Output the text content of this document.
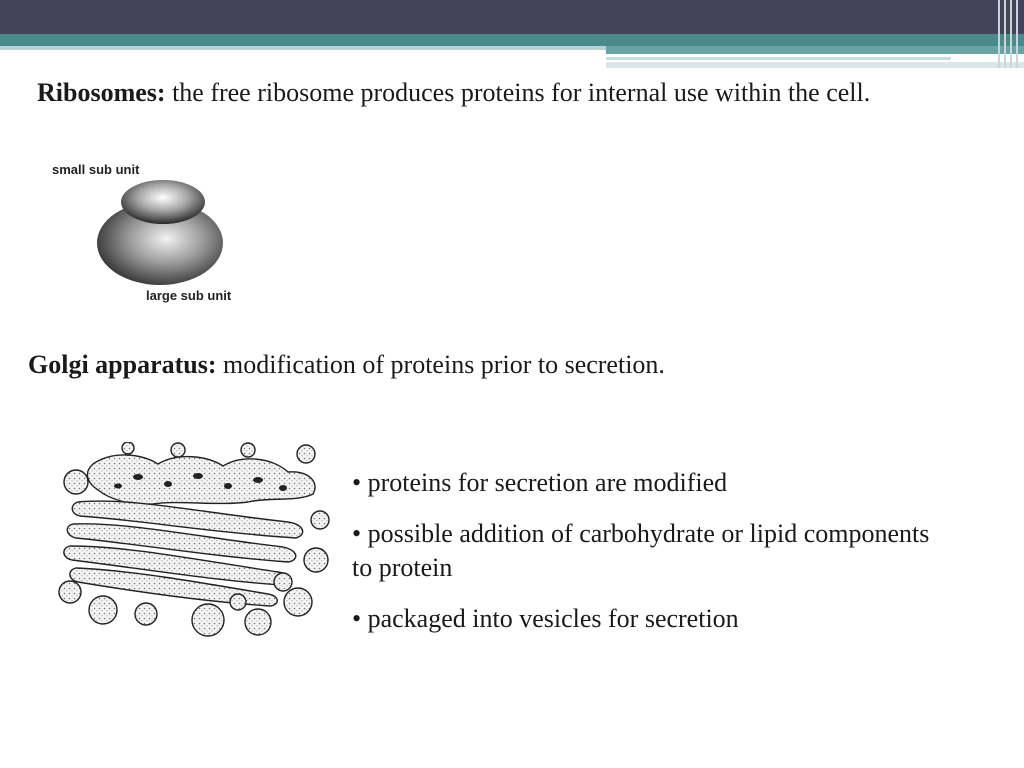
Ribosomes: the free ribosome produces proteins for internal use within the cell.
small sub unit
large sub unit
Golgi apparatus: modification of proteins prior to secretion.
• proteins for secretion are modified
• possible addition of carbohydrate or lipid components to protein
• packaged into vesicles for secretion
